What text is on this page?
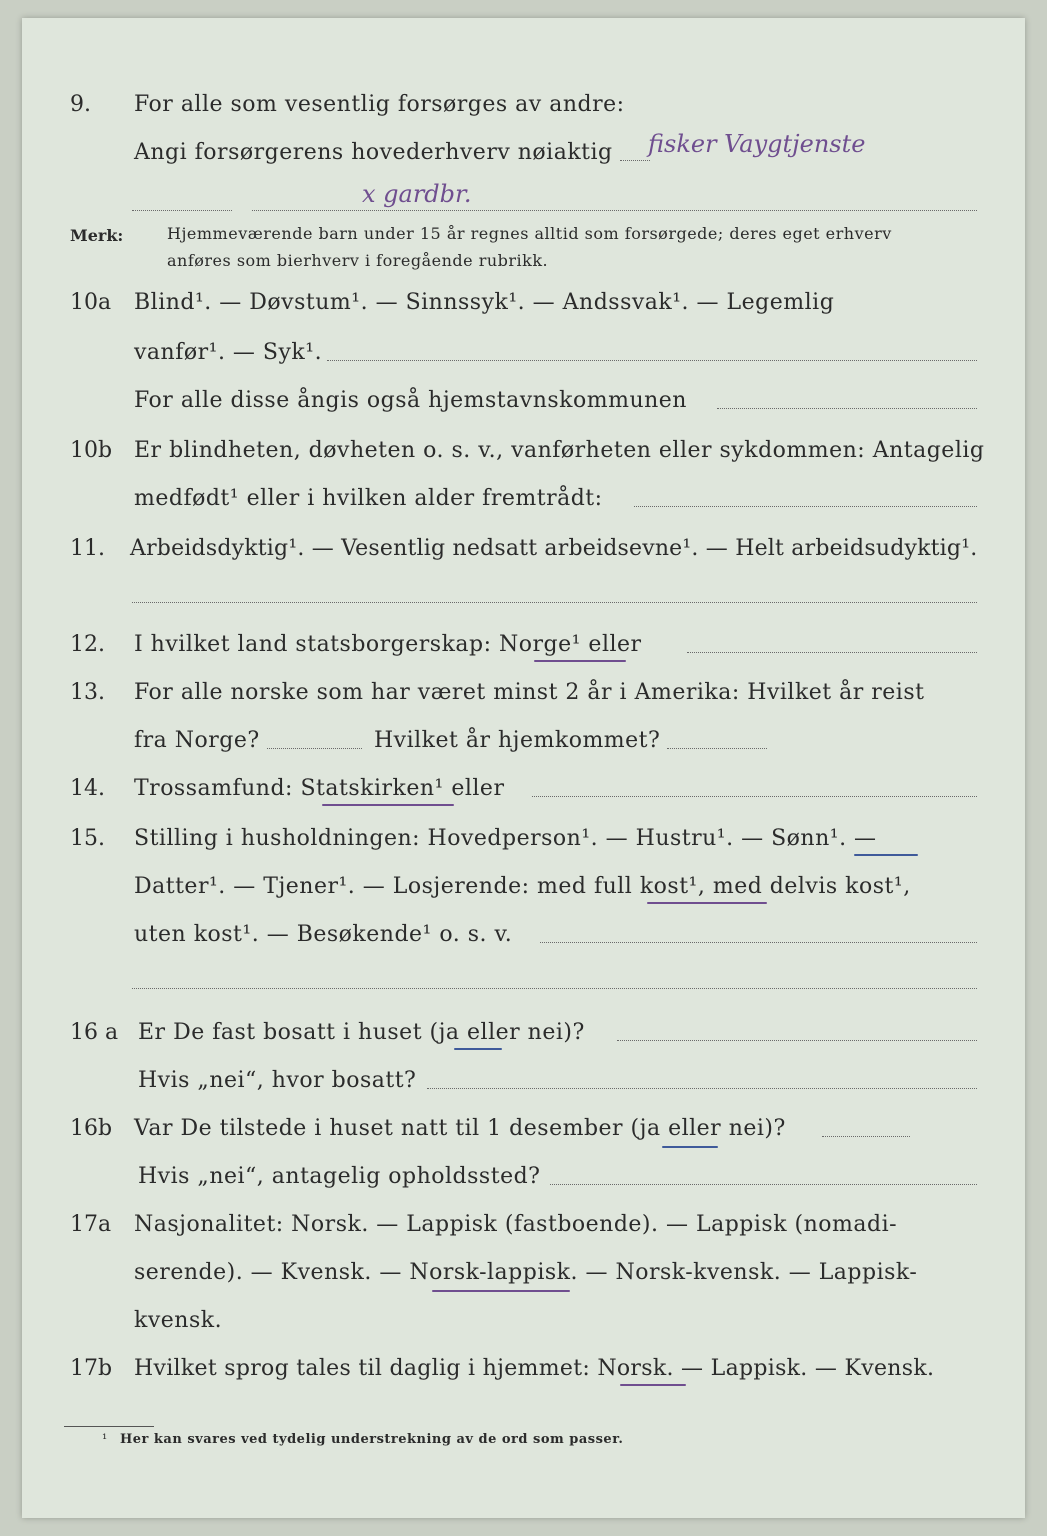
9. For alle som vesentlig forsørges av andre:
Angi forsørgerens hovederhverv nøiaktig fisker Vaygtjenste
x gardbr.
Merk:	Hjemmeværende barn under 15 år regnes alltid som forsørgede; deres eget erhverv
anføres som bierhverv i foregående rubrikk.
10a Blind¹. — Døvstum¹. — Sinnssyk¹. — Andssvak¹. — Legemlig
vanfør¹. — Syk¹.
For alle disse ångis også hjemstavnskommunen
10b Er blindheten, døvheten o. s. v., vanførheten eller sykdommen: Antagelig
medfødt¹ eller i hvilken alder fremtrådt:
11. Arbeidsdyktig¹. — Vesentlig nedsatt arbeidsevne¹. — Helt arbeidsudyktig¹.
12. I hvilket land statsborgerskap: Norge¹ eller
13. For alle norske som har været minst 2 år i Amerika: Hvilket år reist
fra Norge?	Hvilket år hjemkommet?
14. Trossamfund: Statskirken¹ eller
15. Stilling i husholdningen: Hovedperson¹. — Hustru¹. — Sønn¹. —
Datter¹. — Tjener¹. — Losjerende: med full kost¹, med delvis kost¹,
uten kost¹. — Besøkende¹ o. s. v.
16 a Er De fast bosatt i huset (ja eller nei)?
Hvis „nei“, hvor bosatt?
16b Var De tilstede i huset natt til 1 desember (ja eller nei)?
Hvis „nei“, antagelig opholdssted?
17a Nasjonalitet: Norsk. — Lappisk (fastboende). — Lappisk (nomadi-
serende). — Kvensk. — Norsk-lappisk. — Norsk-kvensk. — Lappisk-
kvensk.
17b Hvilket sprog tales til daglig i hjemmet: Norsk. — Lappisk. — Kvensk.
¹ Her kan svares ved tydelig understrekning av de ord som passer.
